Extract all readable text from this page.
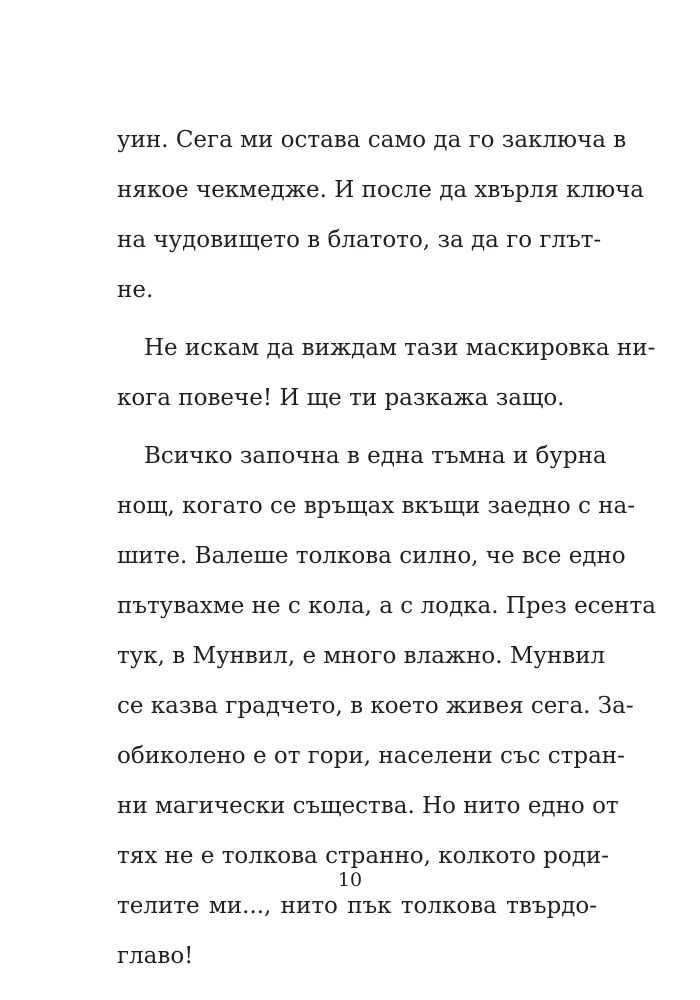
уин. Сега ми остава само да го заключа в
някое чекмедже. И после да хвърля ключа
на чудовището в блатото, за да го глът-
не.
Не искам да виждам тази маскировка ни-
кога повече! И ще ти разкажа защо.
Всичко започна в една тъмна и бурна
нощ, когато се връщах вкъщи заедно с на-
шите. Валеше толкова силно, че все едно
пътувахме не с кола, а с лодка. През есента
тук, в Мунвил, е много влажно. Мунвил
се казва градчето, в което живея сега. За-
обиколено е от гори, населени със стран-
ни магически същества. Но нито едно от
тях не е толкова странно, колкото роди-
телите ми..., нито пък толкова твърдо-
главо!
10
